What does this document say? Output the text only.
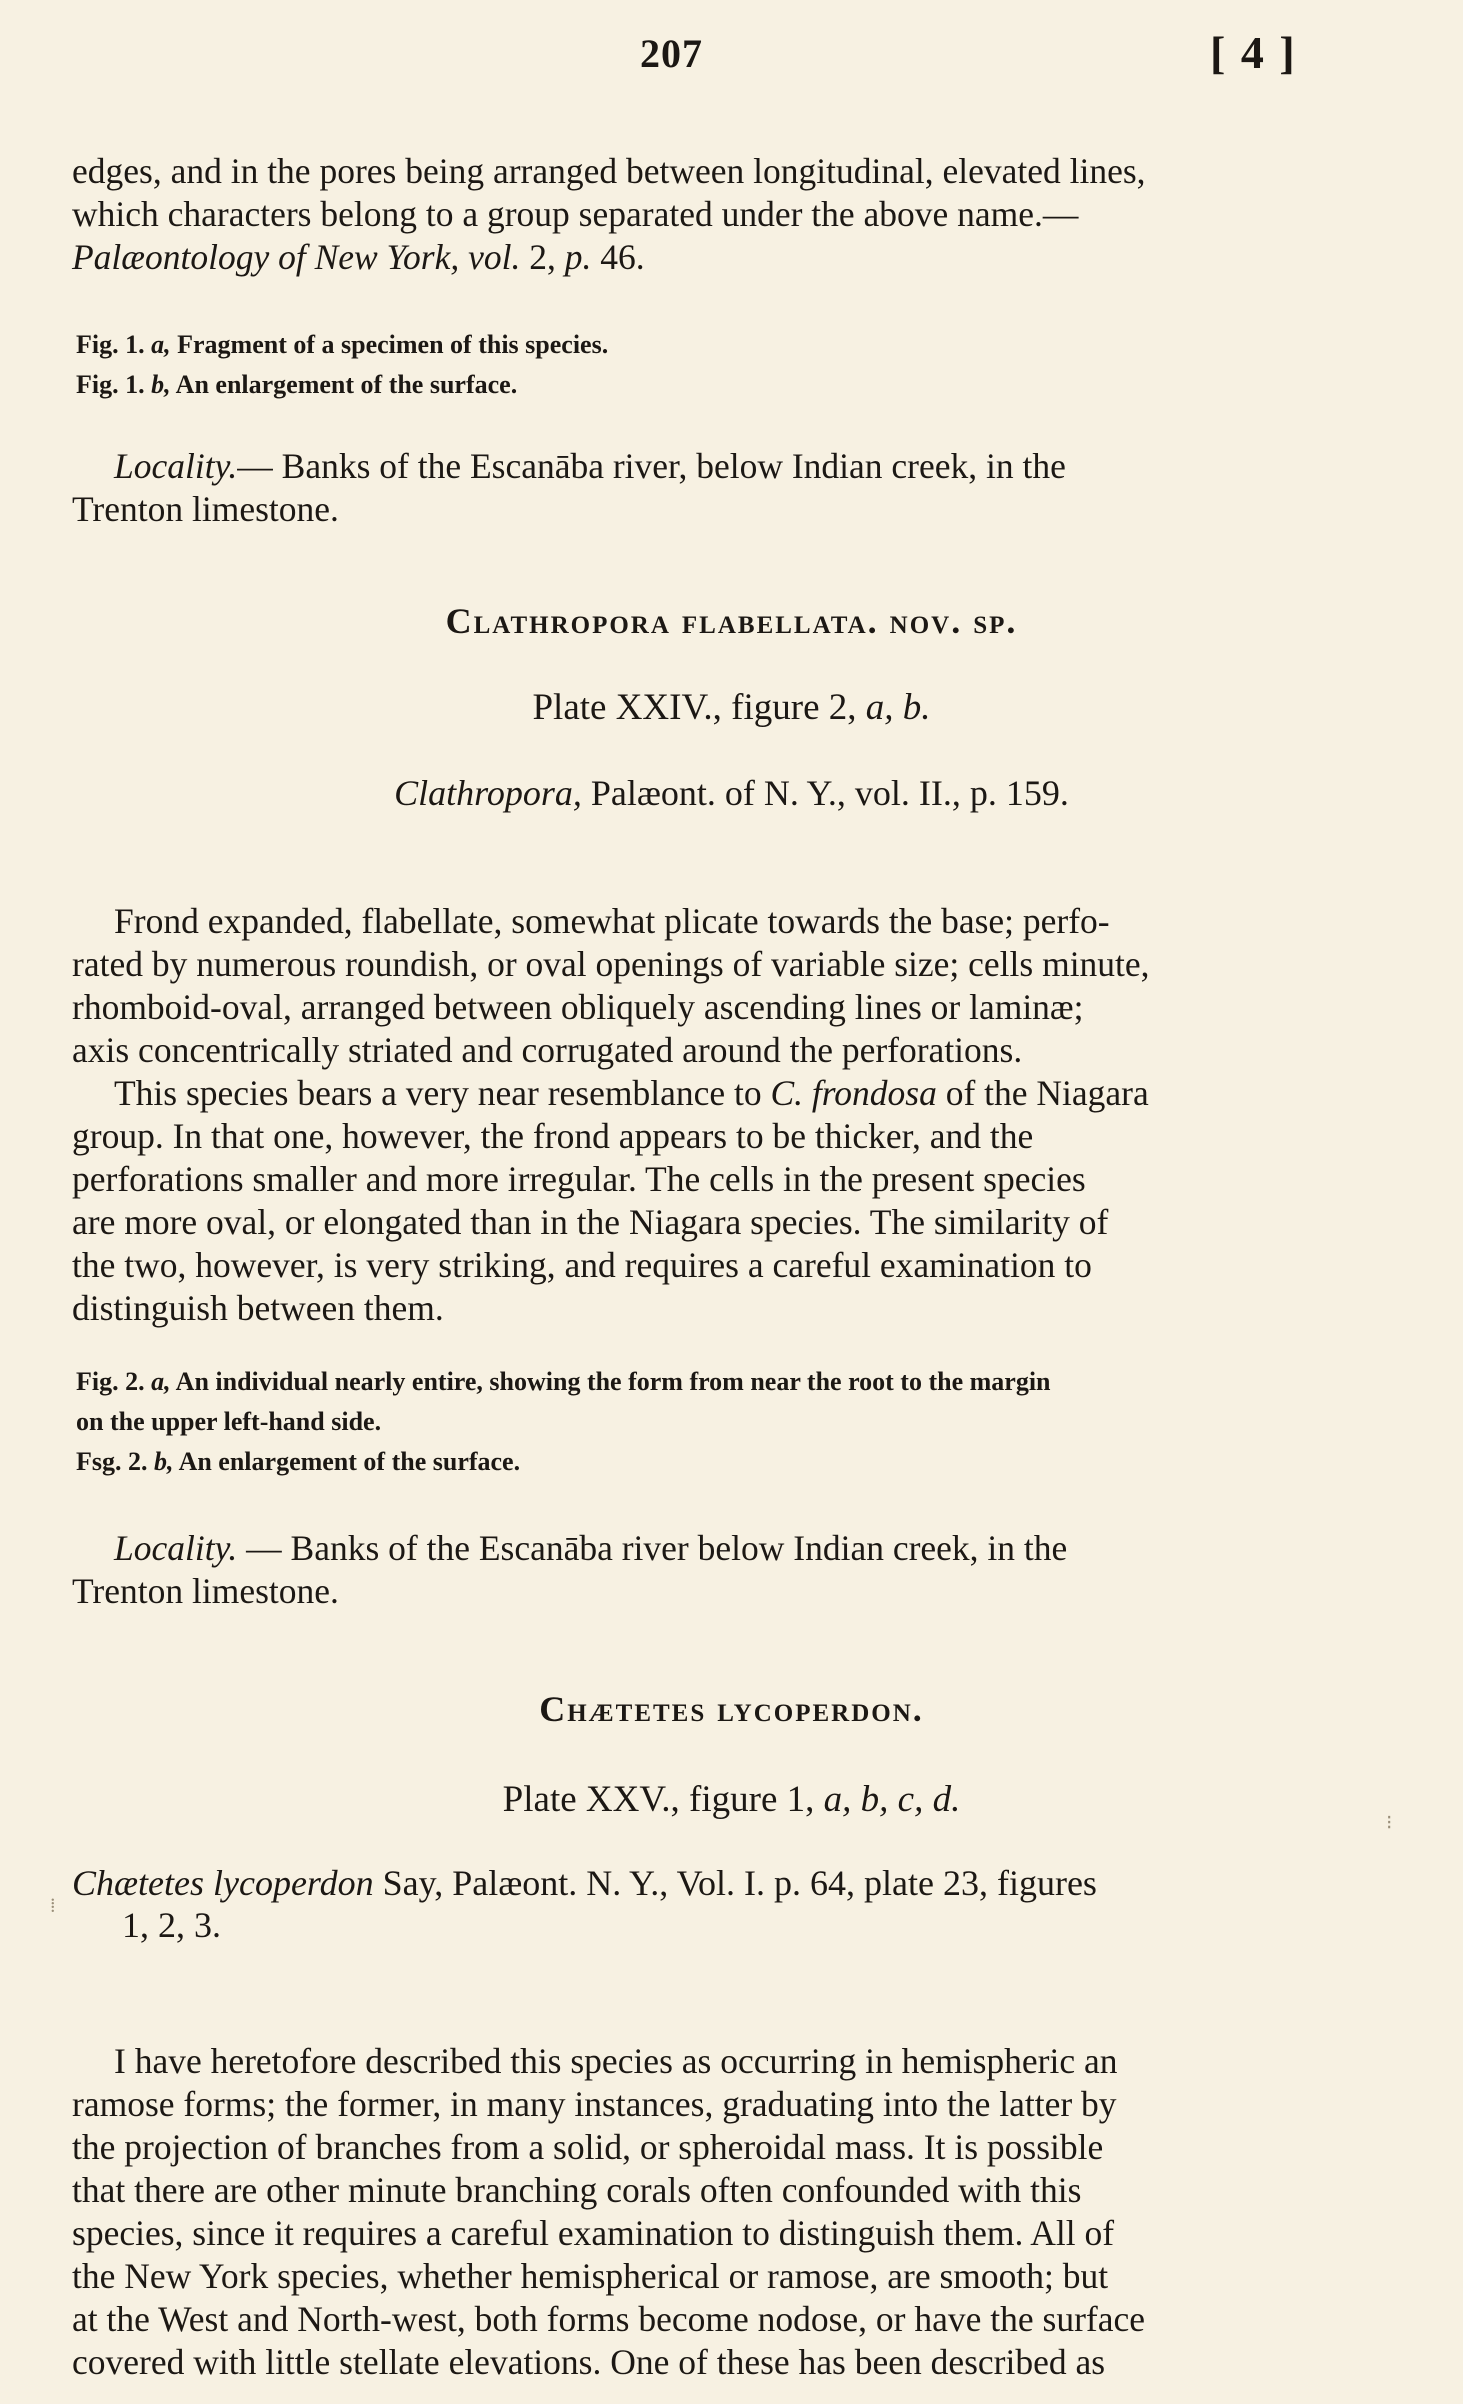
207	[ 4 ]

edges, and in the pores being arranged between longitudinal, elevated lines,

which characters belong to a group separated under the above name.—

Palæontology of New York, vol. 2, p. 46.

Fig. 1. a, Fragment of a specimen of this species.
Fig. 1. b, An enlargement of the surface.

Locality.— Banks of the Escanāba river, below Indian creek, in the

Trenton limestone.

Clathropora flabellata. nov. sp.
Plate XXIV., figure 2, a, b.
Clathropora, Palæont. of N. Y., vol. II., p. 159.

Frond expanded, flabellate, somewhat plicate towards the base; perfo-

rated by numerous roundish, or oval openings of variable size; cells minute,

rhomboid-oval, arranged between obliquely ascending lines or laminæ;

axis concentrically striated and corrugated around the perforations.

This species bears a very near resemblance to C. frondosa of the Niagara

group. In that one, however, the frond appears to be thicker, and the

perforations smaller and more irregular. The cells in the present species

are more oval, or elongated than in the Niagara species. The similarity of

the two, however, is very striking, and requires a careful examination to

distinguish between them.

Fig. 2. a, An individual nearly entire, showing the form from near the root to the margin
on the upper left-hand side.
Fsg. 2. b, An enlargement of the surface.

Locality. — Banks of the Escanāba river below Indian creek, in the

Trenton limestone.

Chætetes lycoperdon.
Plate XXV., figure 1, a, b, c, d.
Chætetes lycoperdon Say, Palæont. N. Y., Vol. I. p. 64, plate 23, figures
1, 2, 3.

I have heretofore described this species as occurring in hemispheric an

ramose forms; the former, in many instances, graduating into the latter by

the projection of branches from a solid, or spheroidal mass. It is possible

that there are other minute branching corals often confounded with this

species, since it requires a careful examination to distinguish them. All of

the New York species, whether hemispherical or ramose, are smooth; but

at the West and North-west, both forms become nodose, or have the surface

covered with little stellate elevations. One of these has been described as

⁝
⁞
